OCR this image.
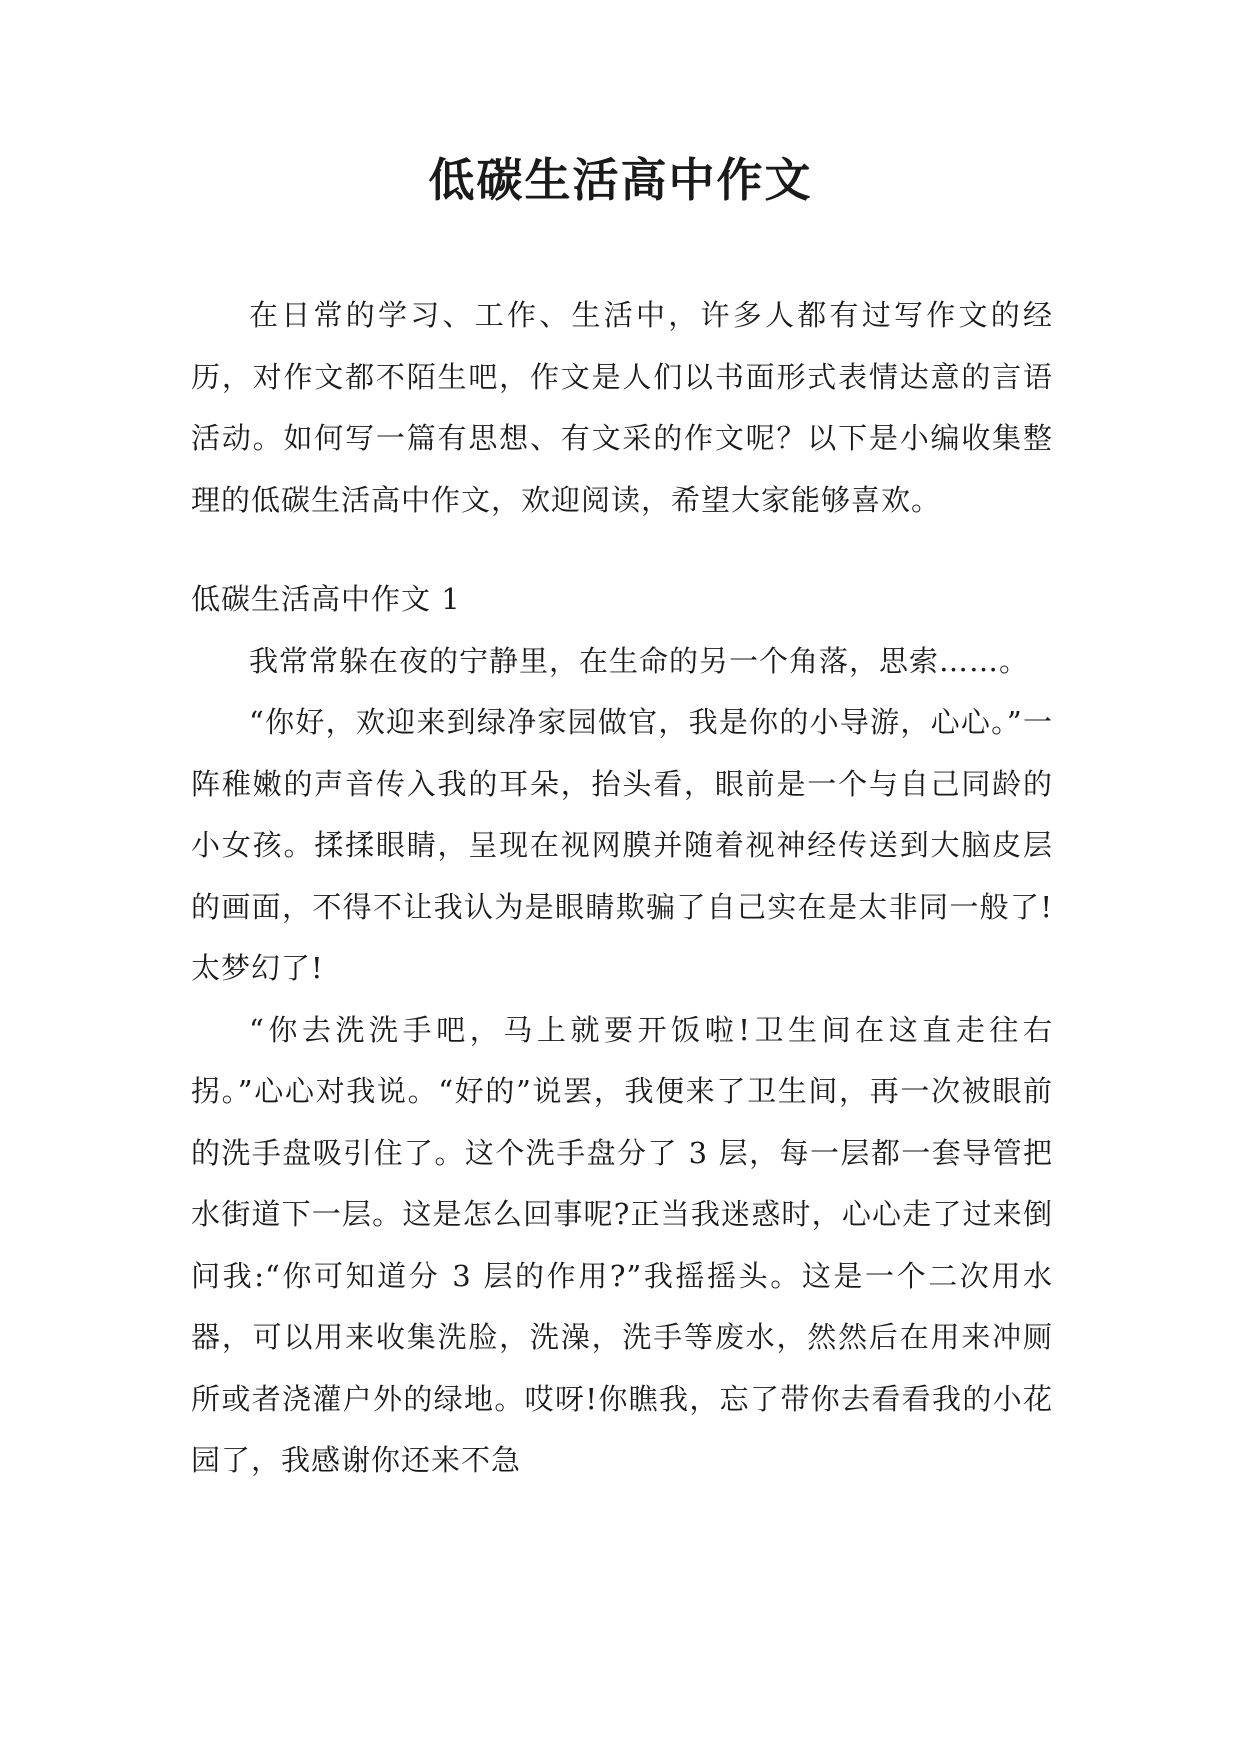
低碳生活高中作文

在日常的学习、工作、生活中，许多人都有过写作文的经历，对作文都不陌生吧，作文是人们以书面形式表情达意的言语活动。如何写一篇有思想、有文采的作文呢？以下是小编收集整理的低碳生活高中作文，欢迎阅读，希望大家能够喜欢。

低碳生活高中作文 1

我常常躲在夜的宁静里，在生命的另一个角落，思索……。

“你好，欢迎来到绿净家园做官，我是你的小导游，心心。”一阵稚嫩的声音传入我的耳朵，抬头看，眼前是一个与自己同龄的小女孩。揉揉眼睛，呈现在视网膜并随着视神经传送到大脑皮层的画面，不得不让我认为是眼睛欺骗了自己实在是太非同一般了!太梦幻了!

“你去洗洗手吧，马上就要开饭啦!卫生间在这直走往右拐。”心心对我说。“好的”说罢，我便来了卫生间，再一次被眼前的洗手盘吸引住了。这个洗手盘分了 3 层，每一层都一套导管把水街道下一层。这是怎么回事呢?正当我迷惑时，心心走了过来倒问我:“你可知道分 3 层的作用?”我摇摇头。这是一个二次用水器，可以用来收集洗脸，洗澡，洗手等废水，然然后在用来冲厕所或者浇灌户外的绿地。哎呀!你瞧我，忘了带你去看看我的小花园了，我感谢你还来不急
